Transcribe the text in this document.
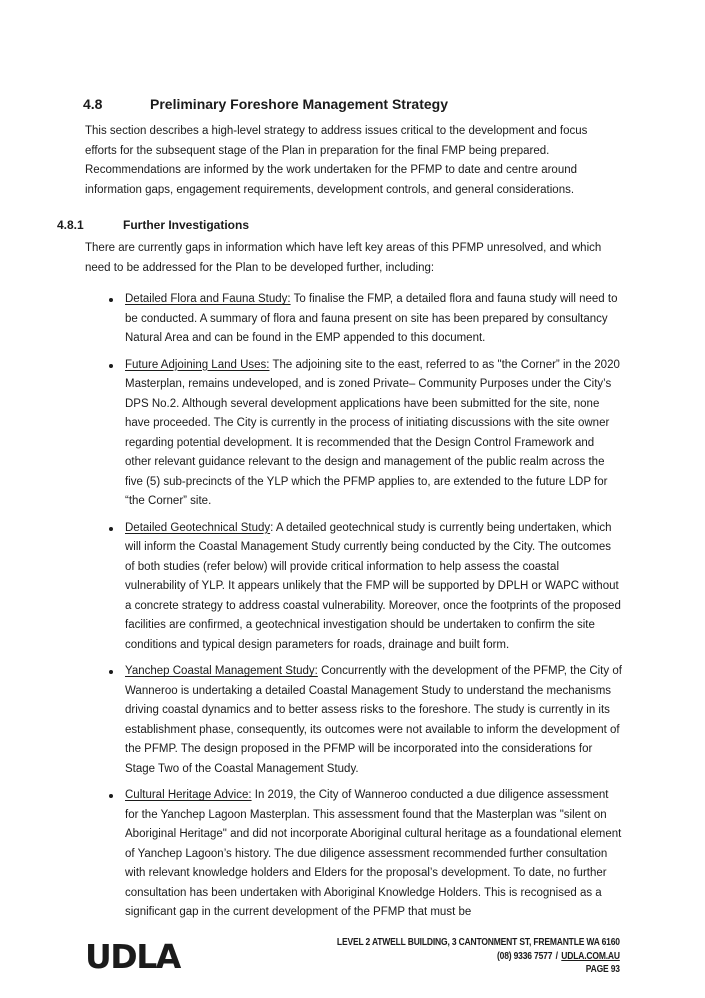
4.8	Preliminary Foreshore Management Strategy

This section describes a high-level strategy to address issues critical to the development and focus efforts for the subsequent stage of the Plan in preparation for the final FMP being prepared. Recommendations are informed by the work undertaken for the PFMP to date and centre around information gaps, engagement requirements, development controls, and general considerations.

4.8.1	Further Investigations

There are currently gaps in information which have left key areas of this PFMP unresolved, and which need to be addressed for the Plan to be developed further, including:

Detailed Flora and Fauna Study: To finalise the FMP, a detailed flora and fauna study will need to be conducted. A summary of flora and fauna present on site has been prepared by consultancy Natural Area and can be found in the EMP appended to this document.
Future Adjoining Land Uses: The adjoining site to the east, referred to as "the Corner” in the 2020 Masterplan, remains undeveloped, and is zoned Private– Community Purposes under the City’s DPS No.2. Although several development applications have been submitted for the site, none have proceeded. The City is currently in the process of initiating discussions with the site owner regarding potential development. It is recommended that the Design Control Framework and other relevant guidance relevant to the design and management of the public realm across the five (5) sub-precincts of the YLP which the PFMP applies to, are extended to the future LDP for “the Corner” site.
Detailed Geotechnical Study: A detailed geotechnical study is currently being undertaken, which will inform the Coastal Management Study currently being conducted by the City. The outcomes of both studies (refer below) will provide critical information to help assess the coastal vulnerability of YLP. It appears unlikely that the FMP will be supported by DPLH or WAPC without a concrete strategy to address coastal vulnerability. Moreover, once the footprints of the proposed facilities are confirmed, a geotechnical investigation should be undertaken to confirm the site conditions and typical design parameters for roads, drainage and built form.
Yanchep Coastal Management Study: Concurrently with the development of the PFMP, the City of Wanneroo is undertaking a detailed Coastal Management Study to understand the mechanisms driving coastal dynamics and to better assess risks to the foreshore. The study is currently in its establishment phase, consequently, its outcomes were not available to inform the development of the PFMP. The design proposed in the PFMP will be incorporated into the considerations for Stage Two of the Coastal Management Study.
Cultural Heritage Advice: In 2019, the City of Wanneroo conducted a due diligence assessment for the Yanchep Lagoon Masterplan. This assessment found that the Masterplan was "silent on Aboriginal Heritage" and did not incorporate Aboriginal cultural heritage as a foundational element of Yanchep Lagoon’s history. The due diligence assessment recommended further consultation with relevant knowledge holders and Elders for the proposal’s development. To date, no further consultation has been undertaken with Aboriginal Knowledge Holders. This is recognised as a significant gap in the current development of the PFMP that must be
UDLA	LEVEL 2 ATWELL BUILDING, 3 CANTONMENT ST, FREMANTLE WA 6160
(08) 9336 7577 / UDLA.COM.AU
PAGE 93
